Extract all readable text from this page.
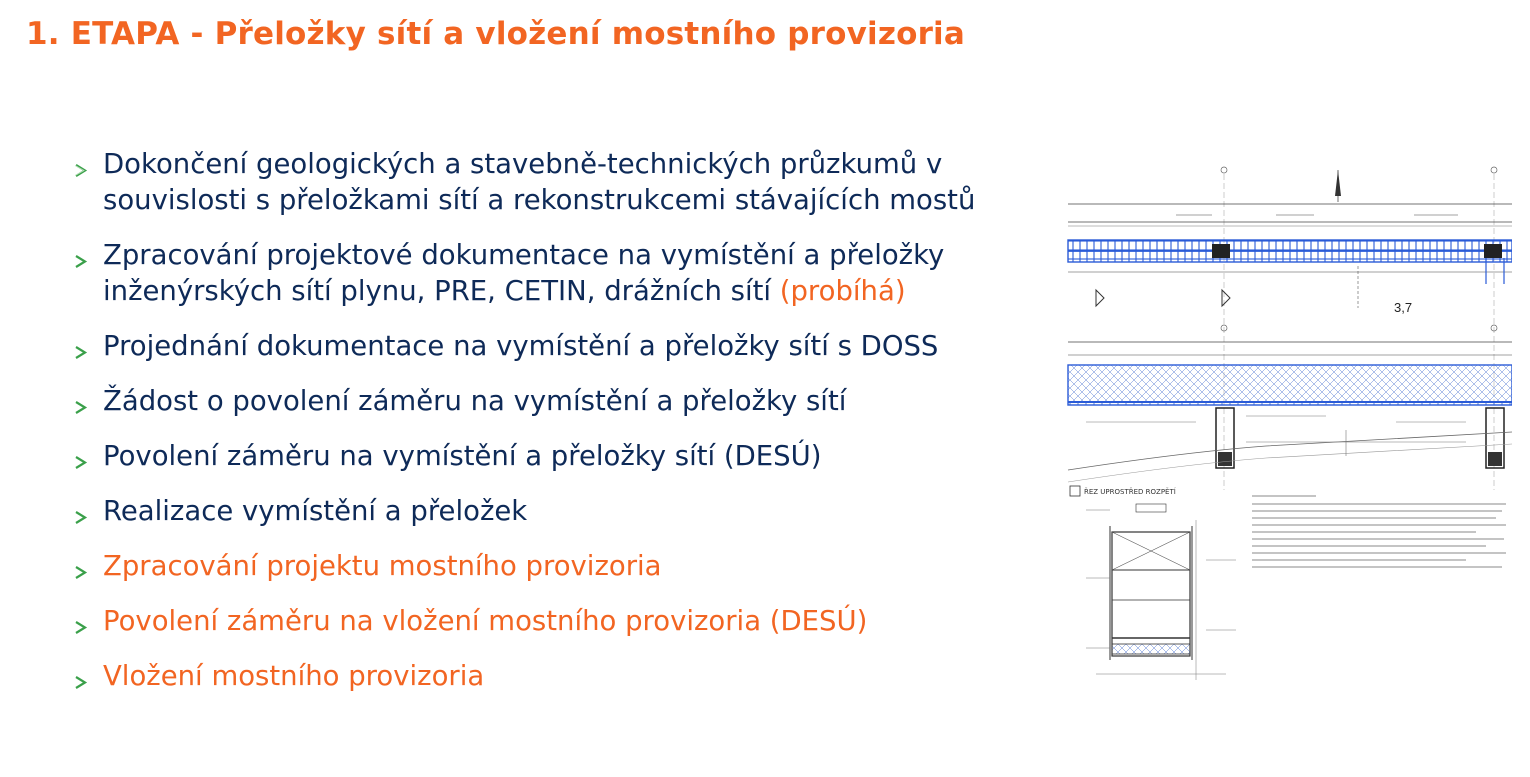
1. ETAPA - Přeložky sítí a vložení mostního provizoria
Dokončení geologických a stavebně-technických průzkumů v souvislosti s přeložkami sítí a rekonstrukcemi stávajících mostů
Zpracování projektové dokumentace na vymístění a přeložky inženýrských sítí plynu, PRE, CETIN, drážních sítí (probíhá)
Projednání dokumentace na vymístění a přeložky sítí s DOSS
Žádost o povolení záměru na vymístění a přeložky sítí
Povolení záměru na vymístění a přeložky sítí (DESÚ)
Realizace vymístění a přeložek
Zpracování projektu mostního provizoria
Povolení záměru na vložení mostního provizoria (DESÚ)
Vložení mostního provizoria
3,7
ŘEZ UPROSTŘED ROZPĚTÍ
